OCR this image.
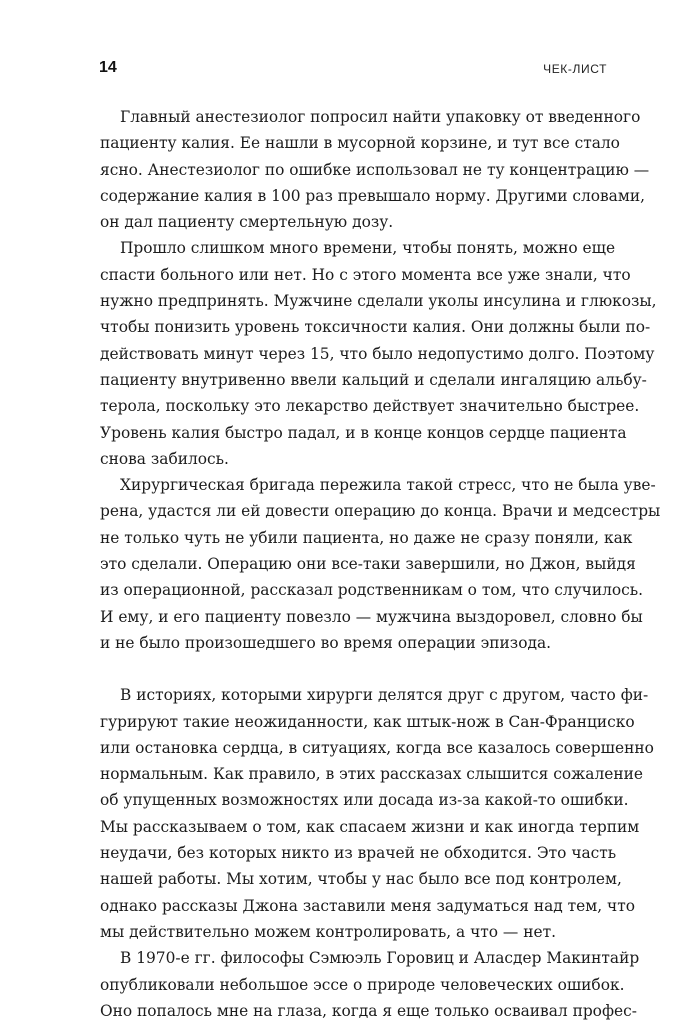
14	ЧЕК-ЛИСТ

Главный анестезиолог попросил найти упаковку от введенного
пациенту калия. Ее нашли в мусорной корзине, и тут все стало
ясно. Анестезиолог по ошибке использовал не ту концентрацию —
содержание калия в 100 раз превышало норму. Другими словами,
он дал пациенту смертельную дозу.

Прошло слишком много времени, чтобы понять, можно еще
спасти больного или нет. Но с этого момента все уже знали, что
нужно предпринять. Мужчине сделали уколы инсулина и глюкозы,
чтобы понизить уровень токсичности калия. Они должны были по-
действовать минут через 15, что было недопустимо долго. Поэтому
пациенту внутривенно ввели кальций и сделали ингаляцию альбу-
терола, поскольку это лекарство действует значительно быстрее.
Уровень калия быстро падал, и в конце концов сердце пациента
снова забилось.

Хирургическая бригада пережила такой стресс, что не была уве-
рена, удастся ли ей довести операцию до конца. Врачи и медсестры
не только чуть не убили пациента, но даже не сразу поняли, как
это сделали. Операцию они все-таки завершили, но Джон, выйдя
из операционной, рассказал родственникам о том, что случилось.
И ему, и его пациенту повезло — мужчина выздоровел, словно бы
и не было произошедшего во время операции эпизода.

В историях, которыми хирурги делятся друг с другом, часто фи-
гурируют такие неожиданности, как штык-нож в Сан-Франциско
или остановка сердца, в ситуациях, когда все казалось совершенно
нормальным. Как правило, в этих рассказах слышится сожаление
об упущенных возможностях или досада из-за какой-то ошибки.
Мы рассказываем о том, как спасаем жизни и как иногда терпим
неудачи, без которых никто из врачей не обходится. Это часть
нашей работы. Мы хотим, чтобы у нас было все под контролем,
однако рассказы Джона заставили меня задуматься над тем, что
мы действительно можем контролировать, а что — нет.

В 1970-е гг. философы Сэмюэль Горовиц и Аласдер Макинтайр
опубликовали небольшое эссе о природе человеческих ошибок.
Оно попалось мне на глаза, когда я еще только осваивал профес-
